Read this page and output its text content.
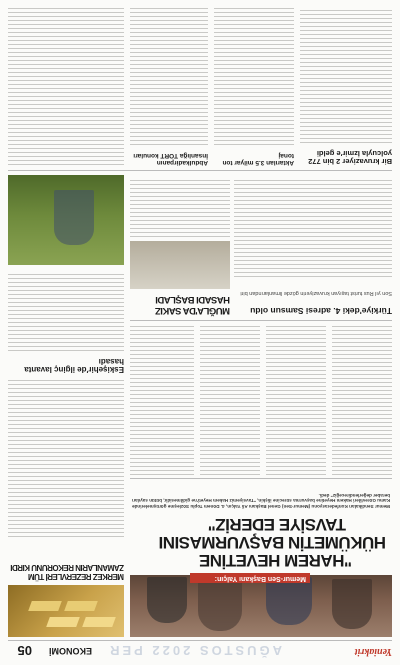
Yeniakrit
AĞUSTOS 2022 PER
EKONOMİ
05
Memur-Sen Başkanı Yalçın:
MERKEZ REZERVLERİ TÜM ZAMANLARIN REKORUNU KIRDI	"HAREM HEVETİNE
HÜKÜMETİN BAŞVURMASINI
TAVSİYE EDERİZ"
Memur Sendikaları Konfederasyonu (Memur-Sen) Genel Başkanı Ali Yalçın, 4. Dönem Toplu Sözleşme görüşmelerinde Kamu Görevlileri Hakem Heyetine başvurma sürecine ilişkin, "Tavsiyemiz Hakem Heyeti'ne gidilmesidir, bütün sayıları beraber değerlendireceğiz" dedi.
Eskişehir'de ilginç lavanta hasadı
MUĞLA'DA SAKIZ HASADI BAŞLADI
Türkiye'deki 4. adresi Samsun oldu
Son yıl Rus turist taşıyan kruvaziyerin gözde limanlarından biri
Bir kruvaziyer 2 bin 772 yolcuyla İzmir'e geldi
Aktarılan 3.5 milyar ton tonaj
Abdulkadirpanın İnsanlığa TORT konuları
